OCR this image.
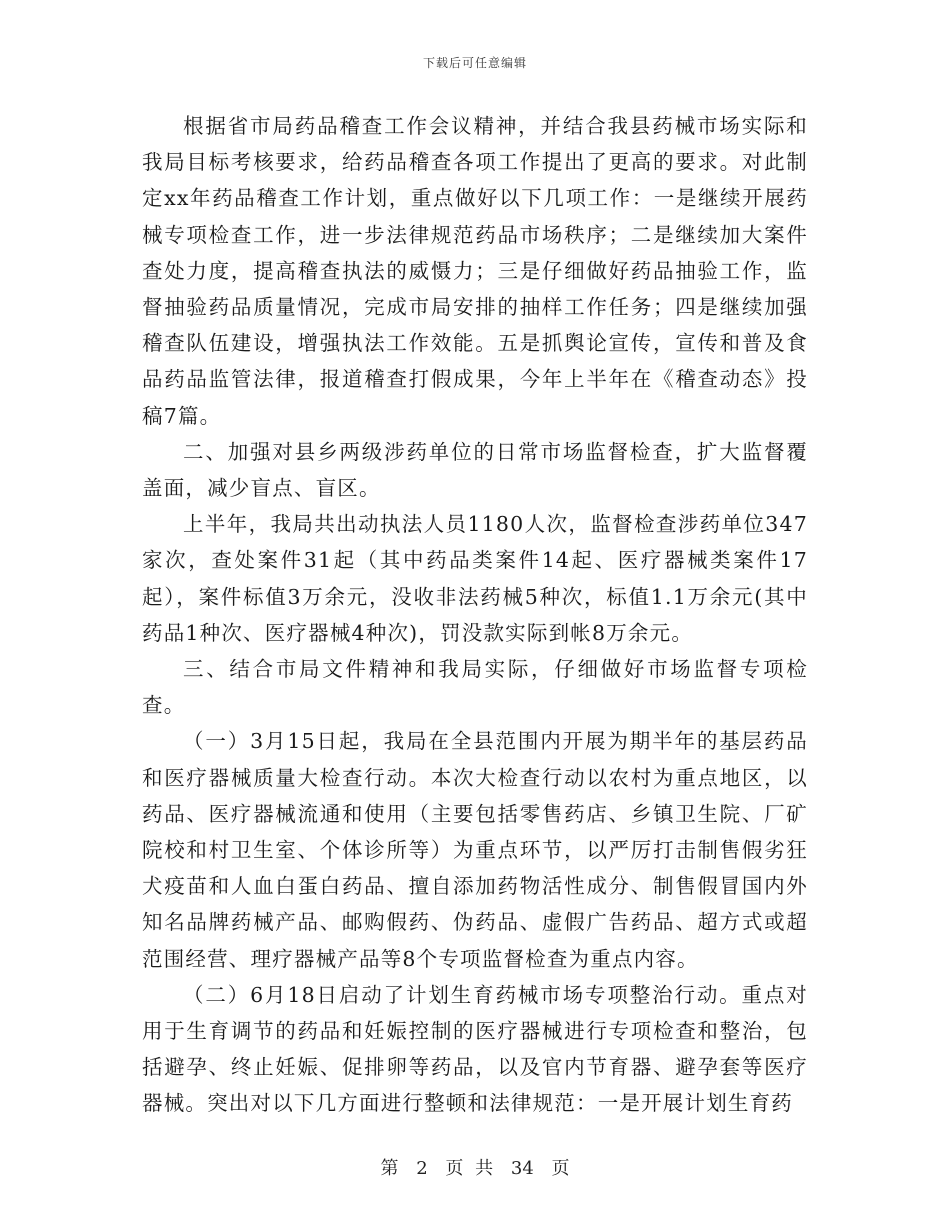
下载后可任意编辑

根据省市局药品稽查工作会议精神，并结合我县药械市场实际和我局目标考核要求，给药品稽查各项工作提出了更高的要求。对此制定xx年药品稽查工作计划，重点做好以下几项工作：一是继续开展药械专项检查工作，进一步法律规范药品市场秩序；二是继续加大案件查处力度，提高稽查执法的威慑力；三是仔细做好药品抽验工作，监督抽验药品质量情况，完成市局安排的抽样工作任务；四是继续加强稽查队伍建设，增强执法工作效能。五是抓舆论宣传，宣传和普及食品药品监管法律，报道稽查打假成果，今年上半年在《稽查动态》投稿7篇。

二、加强对县乡两级涉药单位的日常市场监督检查，扩大监督覆盖面，减少盲点、盲区。

上半年，我局共出动执法人员1180人次，监督检查涉药单位347家次，查处案件31起（其中药品类案件14起、医疗器械类案件17起），案件标值3万余元，没收非法药械5种次，标值1.1万余元(其中药品1种次、医疗器械4种次)，罚没款实际到帐8万余元。

三、结合市局文件精神和我局实际，仔细做好市场监督专项检查。

（一）3月15日起，我局在全县范围内开展为期半年的基层药品和医疗器械质量大检查行动。本次大检查行动以农村为重点地区，以药品、医疗器械流通和使用（主要包括零售药店、乡镇卫生院、厂矿院校和村卫生室、个体诊所等）为重点环节，以严厉打击制售假劣狂犬疫苗和人血白蛋白药品、擅自添加药物活性成分、制售假冒国内外知名品牌药械产品、邮购假药、伪药品、虚假广告药品、超方式或超范围经营、理疗器械产品等8个专项监督检查为重点内容。

（二）6月18日启动了计划生育药械市场专项整治行动。重点对用于生育调节的药品和妊娠控制的医疗器械进行专项检查和整治，包括避孕、终止妊娠、促排卵等药品，以及官内节育器、避孕套等医疗器械。突出对以下几方面进行整顿和法律规范：一是开展计划生育药

第 2 页 共 34 页
